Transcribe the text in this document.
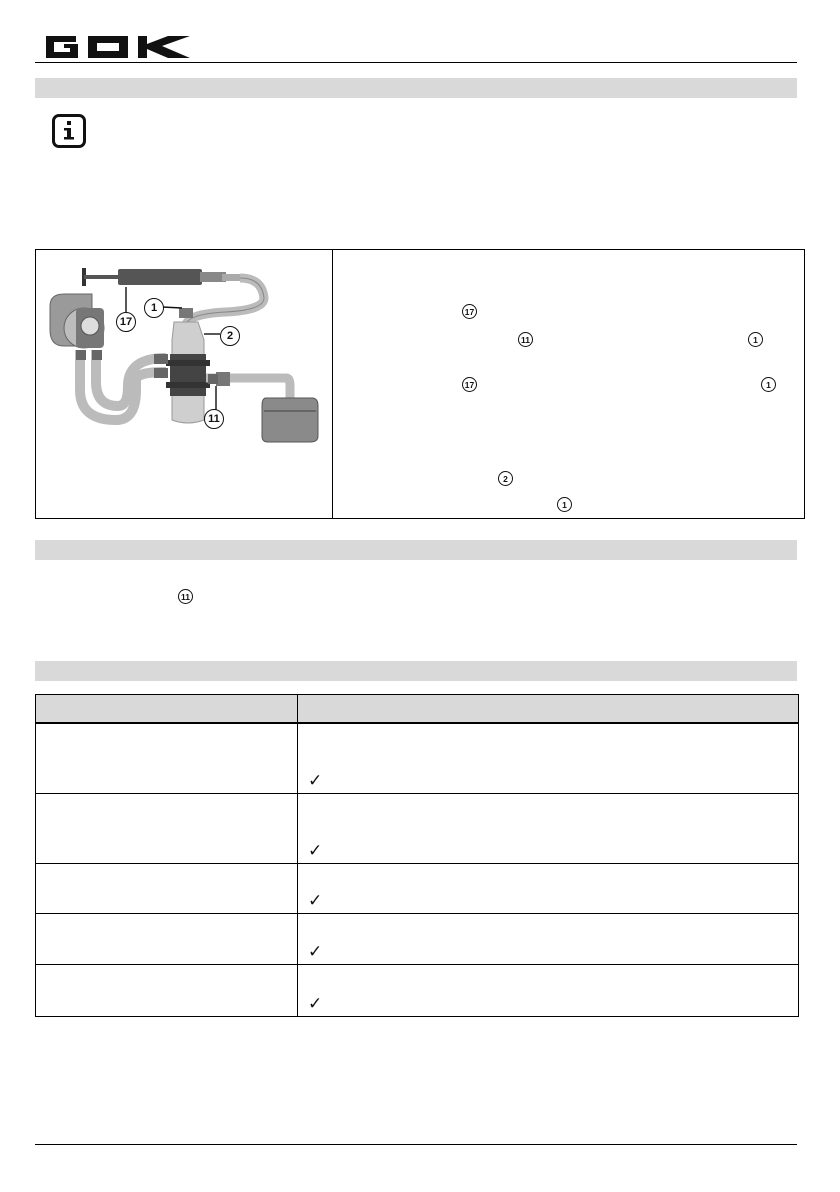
17
1
2
11
17
11	1
17	1
2
1
11

	✓

	✓

	✓

	✓

	✓
